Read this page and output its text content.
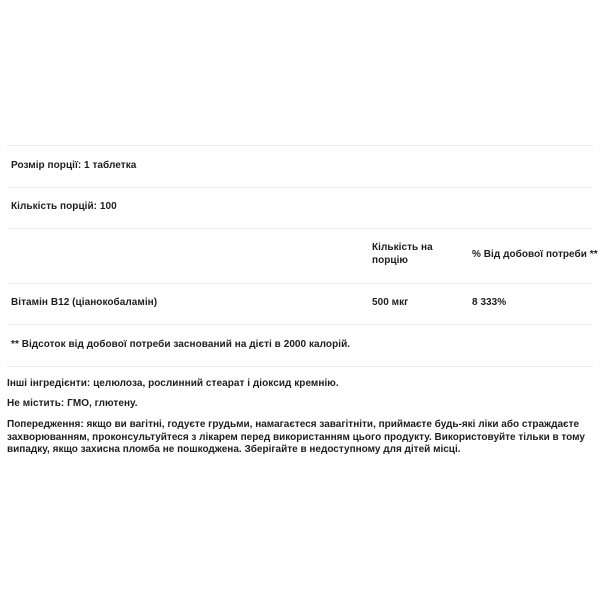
Розмір порції: 1 таблетка
Кількість порцій: 100
Кількість на
порцію
% Від добової потреби **
Вітамін B12 (ціанокобаламін)	500 мкг	8 333%
** Відсоток від добової потреби заснований на дієті в 2000 калорій.
Інші інгредієнти: целюлоза, рослинний стеарат і діоксид кремнію.
Не містить: ГМО, глютену.
Попередження: якщо ви вагітні, годуєте грудьми, намагаєтеся завагітніти, приймаєте будь-які ліки або страждаєте захворюванням, проконсультуйтеся з лікарем перед використанням цього продукту. Використовуйте тільки в тому випадку, якщо захисна пломба не пошкоджена. Зберігайте в недоступному для дітей місці.
